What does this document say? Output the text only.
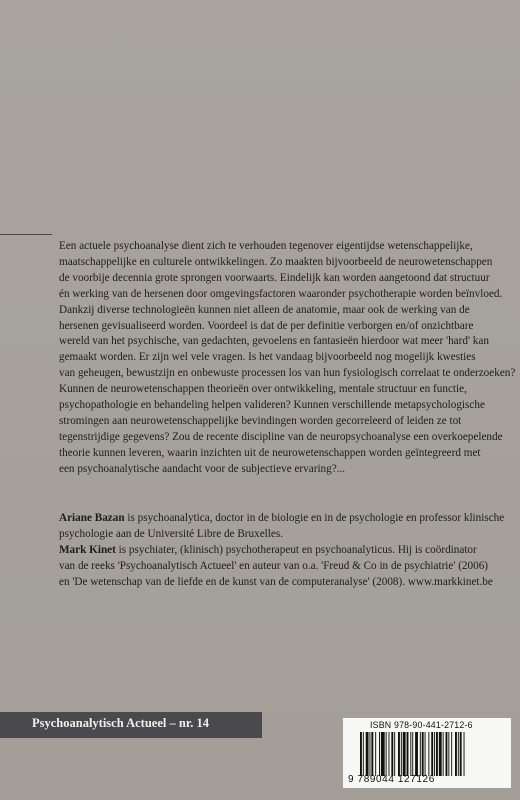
Een actuele psychoanalyse dient zich te verhouden tegenover eigentijdse wetenschappelijke,
maatschappelijke en culturele ontwikkelingen. Zo maakten bijvoorbeeld de neurowetenschappen
de voorbije decennia grote sprongen voorwaarts. Eindelijk kan worden aangetoond dat structuur
én werking van de hersenen door omgevingsfactoren waaronder psychotherapie worden beïnvloed.
Dankzij diverse technologieën kunnen niet alleen de anatomie, maar ook de werking van de
hersenen gevisualiseerd worden. Voordeel is dat de per definitie verborgen en/of onzichtbare
wereld van het psychische, van gedachten, gevoelens en fantasieën hierdoor wat meer 'hard' kan
gemaakt worden. Er zijn wel vele vragen. Is het vandaag bijvoorbeeld nog mogelijk kwesties
van geheugen, bewustzijn en onbewuste processen los van hun fysiologisch correlaat te onderzoeken?
Kunnen de neurowetenschappen theorieën over ontwikkeling, mentale structuur en functie,
psychopathologie en behandeling helpen valideren? Kunnen verschillende metapsychologische
stromingen aan neurowetenschappelijke bevindingen worden gecorreleerd of leiden ze tot
tegenstrijdige gegevens? Zou de recente discipline van de neuropsychoanalyse een overkoepelende
theorie kunnen leveren, waarin inzichten uit de neurowetenschappen worden geïntegreerd met
een psychoanalytische aandacht voor de subjectieve ervaring?...
Ariane Bazan is psychoanalytica, doctor in de biologie en in de psychologie en professor klinische
psychologie aan de Université Libre de Bruxelles.
Mark Kinet is psychiater, (klinisch) psychotherapeut en psychoanalyticus. Hij is coördinator
van de reeks 'Psychoanalytisch Actueel' en auteur van o.a. 'Freud & Co in de psychiatrie' (2006)
en 'De wetenschap van de liefde en de kunst van de computeranalyse' (2008). www.markkinet.be
Psychoanalytisch Actueel – nr. 14	ISBN 978-90-441-2712-6
9 789044 127126
